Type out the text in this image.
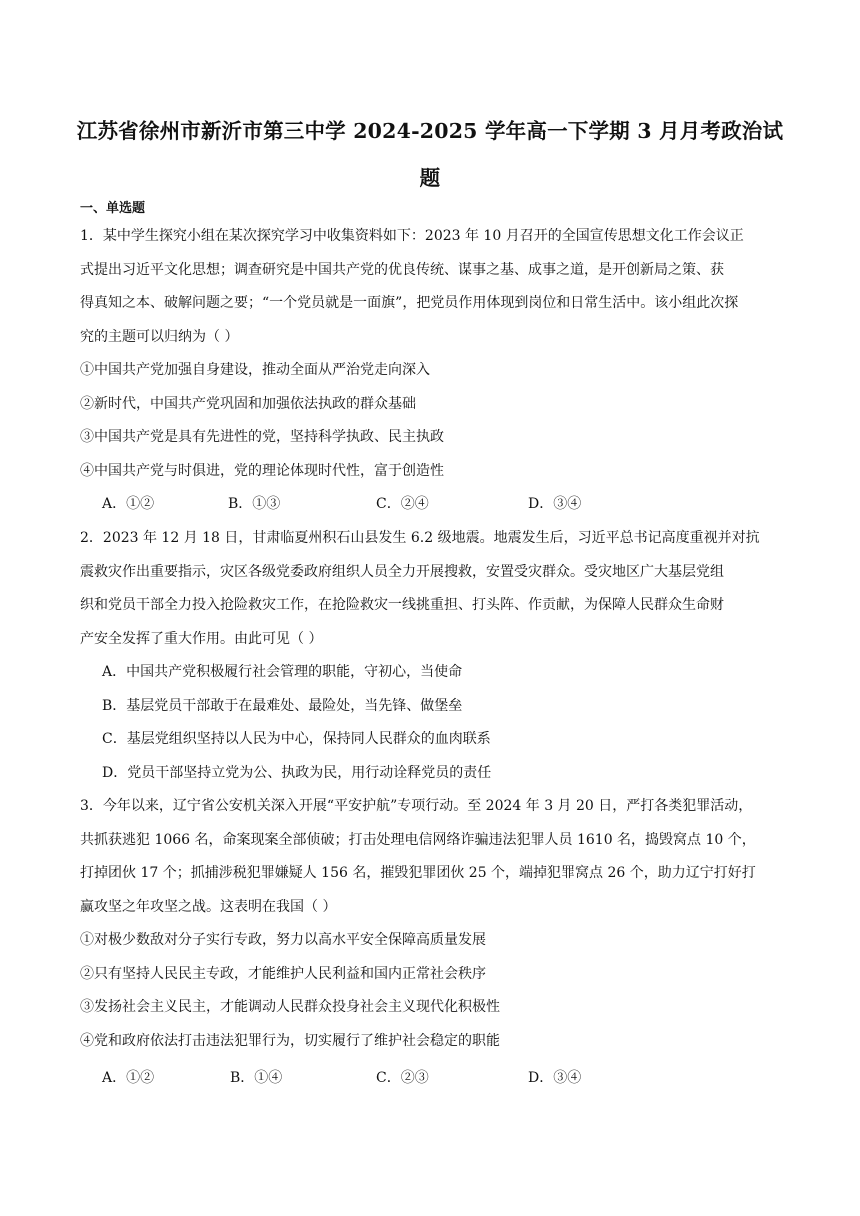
江苏省徐州市新沂市第三中学 2024-2025 学年高一下学期 3 月月考政治试
题
一、单选题
1．某中学生探究小组在某次探究学习中收集资料如下：2023 年 10 月召开的全国宣传思想文化工作会议正
式提出习近平文化思想；调查研究是中国共产党的优良传统、谋事之基、成事之道，是开创新局之策、获
得真知之本、破解问题之要；“一个党员就是一面旗”，把党员作用体现到岗位和日常生活中。该小组此次探
究的主题可以归纳为（ ）
①中国共产党加强自身建设，推动全面从严治党走向深入
②新时代，中国共产党巩固和加强依法执政的群众基础
③中国共产党是具有先进性的党，坚持科学执政、民主执政
④中国共产党与时俱进，党的理论体现时代性，富于创造性
A．①②	B．①③	C．②④	D．③④
2．2023 年 12 月 18 日，甘肃临夏州积石山县发生 6.2 级地震。地震发生后，习近平总书记高度重视并对抗
震救灾作出重要指示，灾区各级党委政府组织人员全力开展搜救，安置受灾群众。受灾地区广大基层党组
织和党员干部全力投入抢险救灾工作，在抢险救灾一线挑重担、打头阵、作贡献，为保障人民群众生命财
产安全发挥了重大作用。由此可见（ ）
A．中国共产党积极履行社会管理的职能，守初心，当使命
B．基层党员干部敢于在最难处、最险处，当先锋、做堡垒
C．基层党组织坚持以人民为中心，保持同人民群众的血肉联系
D．党员干部坚持立党为公、执政为民，用行动诠释党员的责任
3．今年以来，辽宁省公安机关深入开展“平安护航”专项行动。至 2024 年 3 月 20 日，严打各类犯罪活动，
共抓获逃犯 1066 名，命案现案全部侦破；打击处理电信网络诈骗违法犯罪人员 1610 名，捣毁窝点 10 个，
打掉团伙 17 个；抓捕涉税犯罪嫌疑人 156 名，摧毁犯罪团伙 25 个，端掉犯罪窝点 26 个，助力辽宁打好打
赢攻坚之年攻坚之战。这表明在我国（ ）
①对极少数敌对分子实行专政，努力以高水平安全保障高质量发展
②只有坚持人民民主专政，才能维护人民利益和国内正常社会秩序
③发扬社会主义民主，才能调动人民群众投身社会主义现代化积极性
④党和政府依法打击违法犯罪行为，切实履行了维护社会稳定的职能
A．①②	B．①④	C．②③	D．③④
